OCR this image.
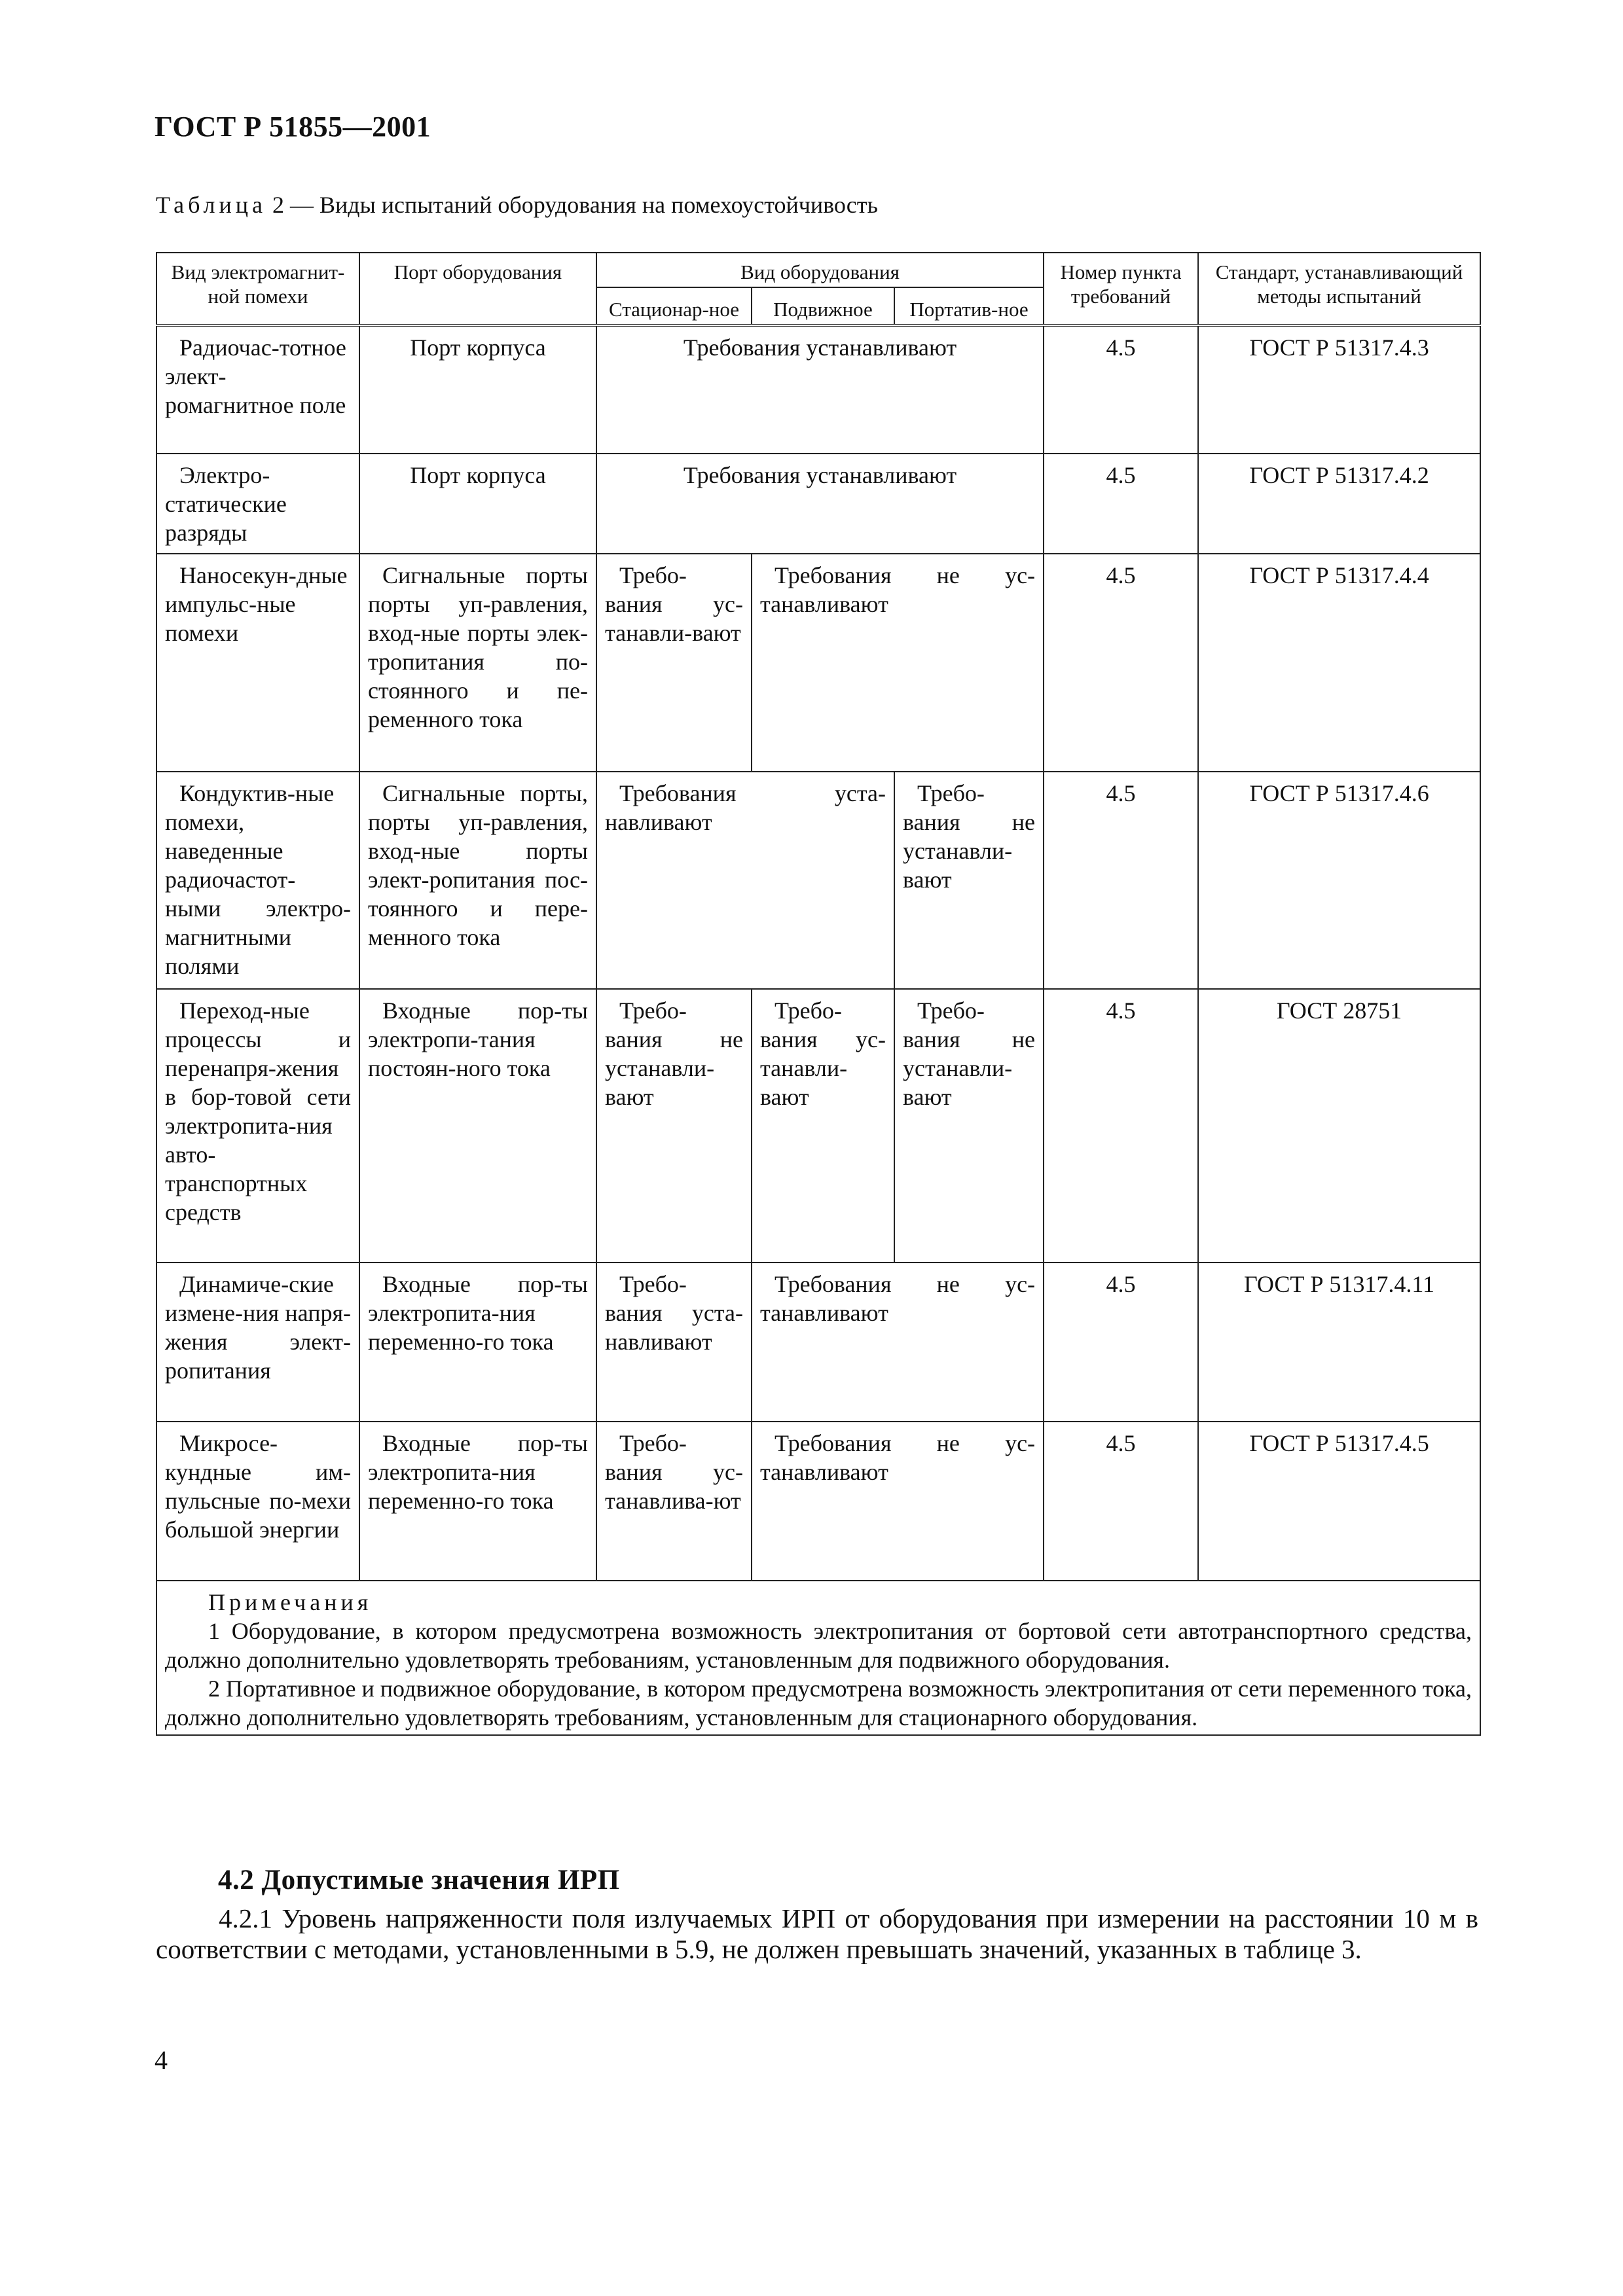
ГОСТ Р 51855—2001
Таблица 2 — Виды испытаний оборудования на помехоустойчивость
Вид электромагнит-ной помехи	Порт оборудования	Вид оборудования			Номер пункта требований	Стандарт, устанавливающий методы испытаний
		Стационар-ное	Подвижное	Портатив-ное		
Радиочас-тотное элект-ромагнитное поле	Порт корпуса	Требования устанавливают			4.5	ГОСТ Р 51317.4.3
Электро-статические разряды	Порт корпуса	Требования устанавливают			4.5	ГОСТ Р 51317.4.2
Наносекун-дные импульс-ные помехи	Сигнальные порты порты уп-равления, вход-ные порты элек-тропитания по-стоянного и пе-ременного тока	Требо-вания ус-танавли-вают	Требования не ус-танавливают		4.5	ГОСТ Р 51317.4.4
Кондуктив-ные помехи, наведенные радиочастот-ными электро-магнитными полями	Сигнальные порты, порты уп-равления, вход-ные порты элект-ропитания пос-тоянного и пере-менного тока	Требования уста-навливают		Требо-вания не устанавли-вают	4.5	ГОСТ Р 51317.4.6
Переход-ные процессы и перенапря-жения в бор-товой сети электропита-ния авто-транспортных средств	Входные пор-ты электропи-тания постоян-ного тока	Требо-вания не устанавли-вают	Требо-вания ус-танавли-вают	Требо-вания не устанавли-вают	4.5	ГОСТ 28751
Динамиче-ские измене-ния напря-жения элект-ропитания	Входные пор-ты электропита-ния переменно-го тока	Требо-вания уста-навливают	Требования не ус-танавливают		4.5	ГОСТ Р 51317.4.11
Микросе-кундные им-пульсные по-мехи большой энергии	Входные пор-ты электропита-ния переменно-го тока	Требо-вания ус-танавлива-ют	Требования не ус-танавливают		4.5	ГОСТ Р 51317.4.5

Примечания
1 Оборудование, в котором предусмотрена возможность электропитания от бортовой сети автотранспортного средства, должно дополнительно удовлетворять требованиям, установленным для подвижного оборудования.
2 Портативное и подвижное оборудование, в котором предусмотрена возможность электропитания от сети переменного тока, должно дополнительно удовлетворять требованиям, установленным для стационарного оборудования.						
4.2 Допустимые значения ИРП
4.2.1 Уровень напряженности поля излучаемых ИРП от оборудования при измерении на расстоянии 10 м в соответствии с методами, установленными в 5.9, не должен превышать значений, указанных в таблице 3.
4
